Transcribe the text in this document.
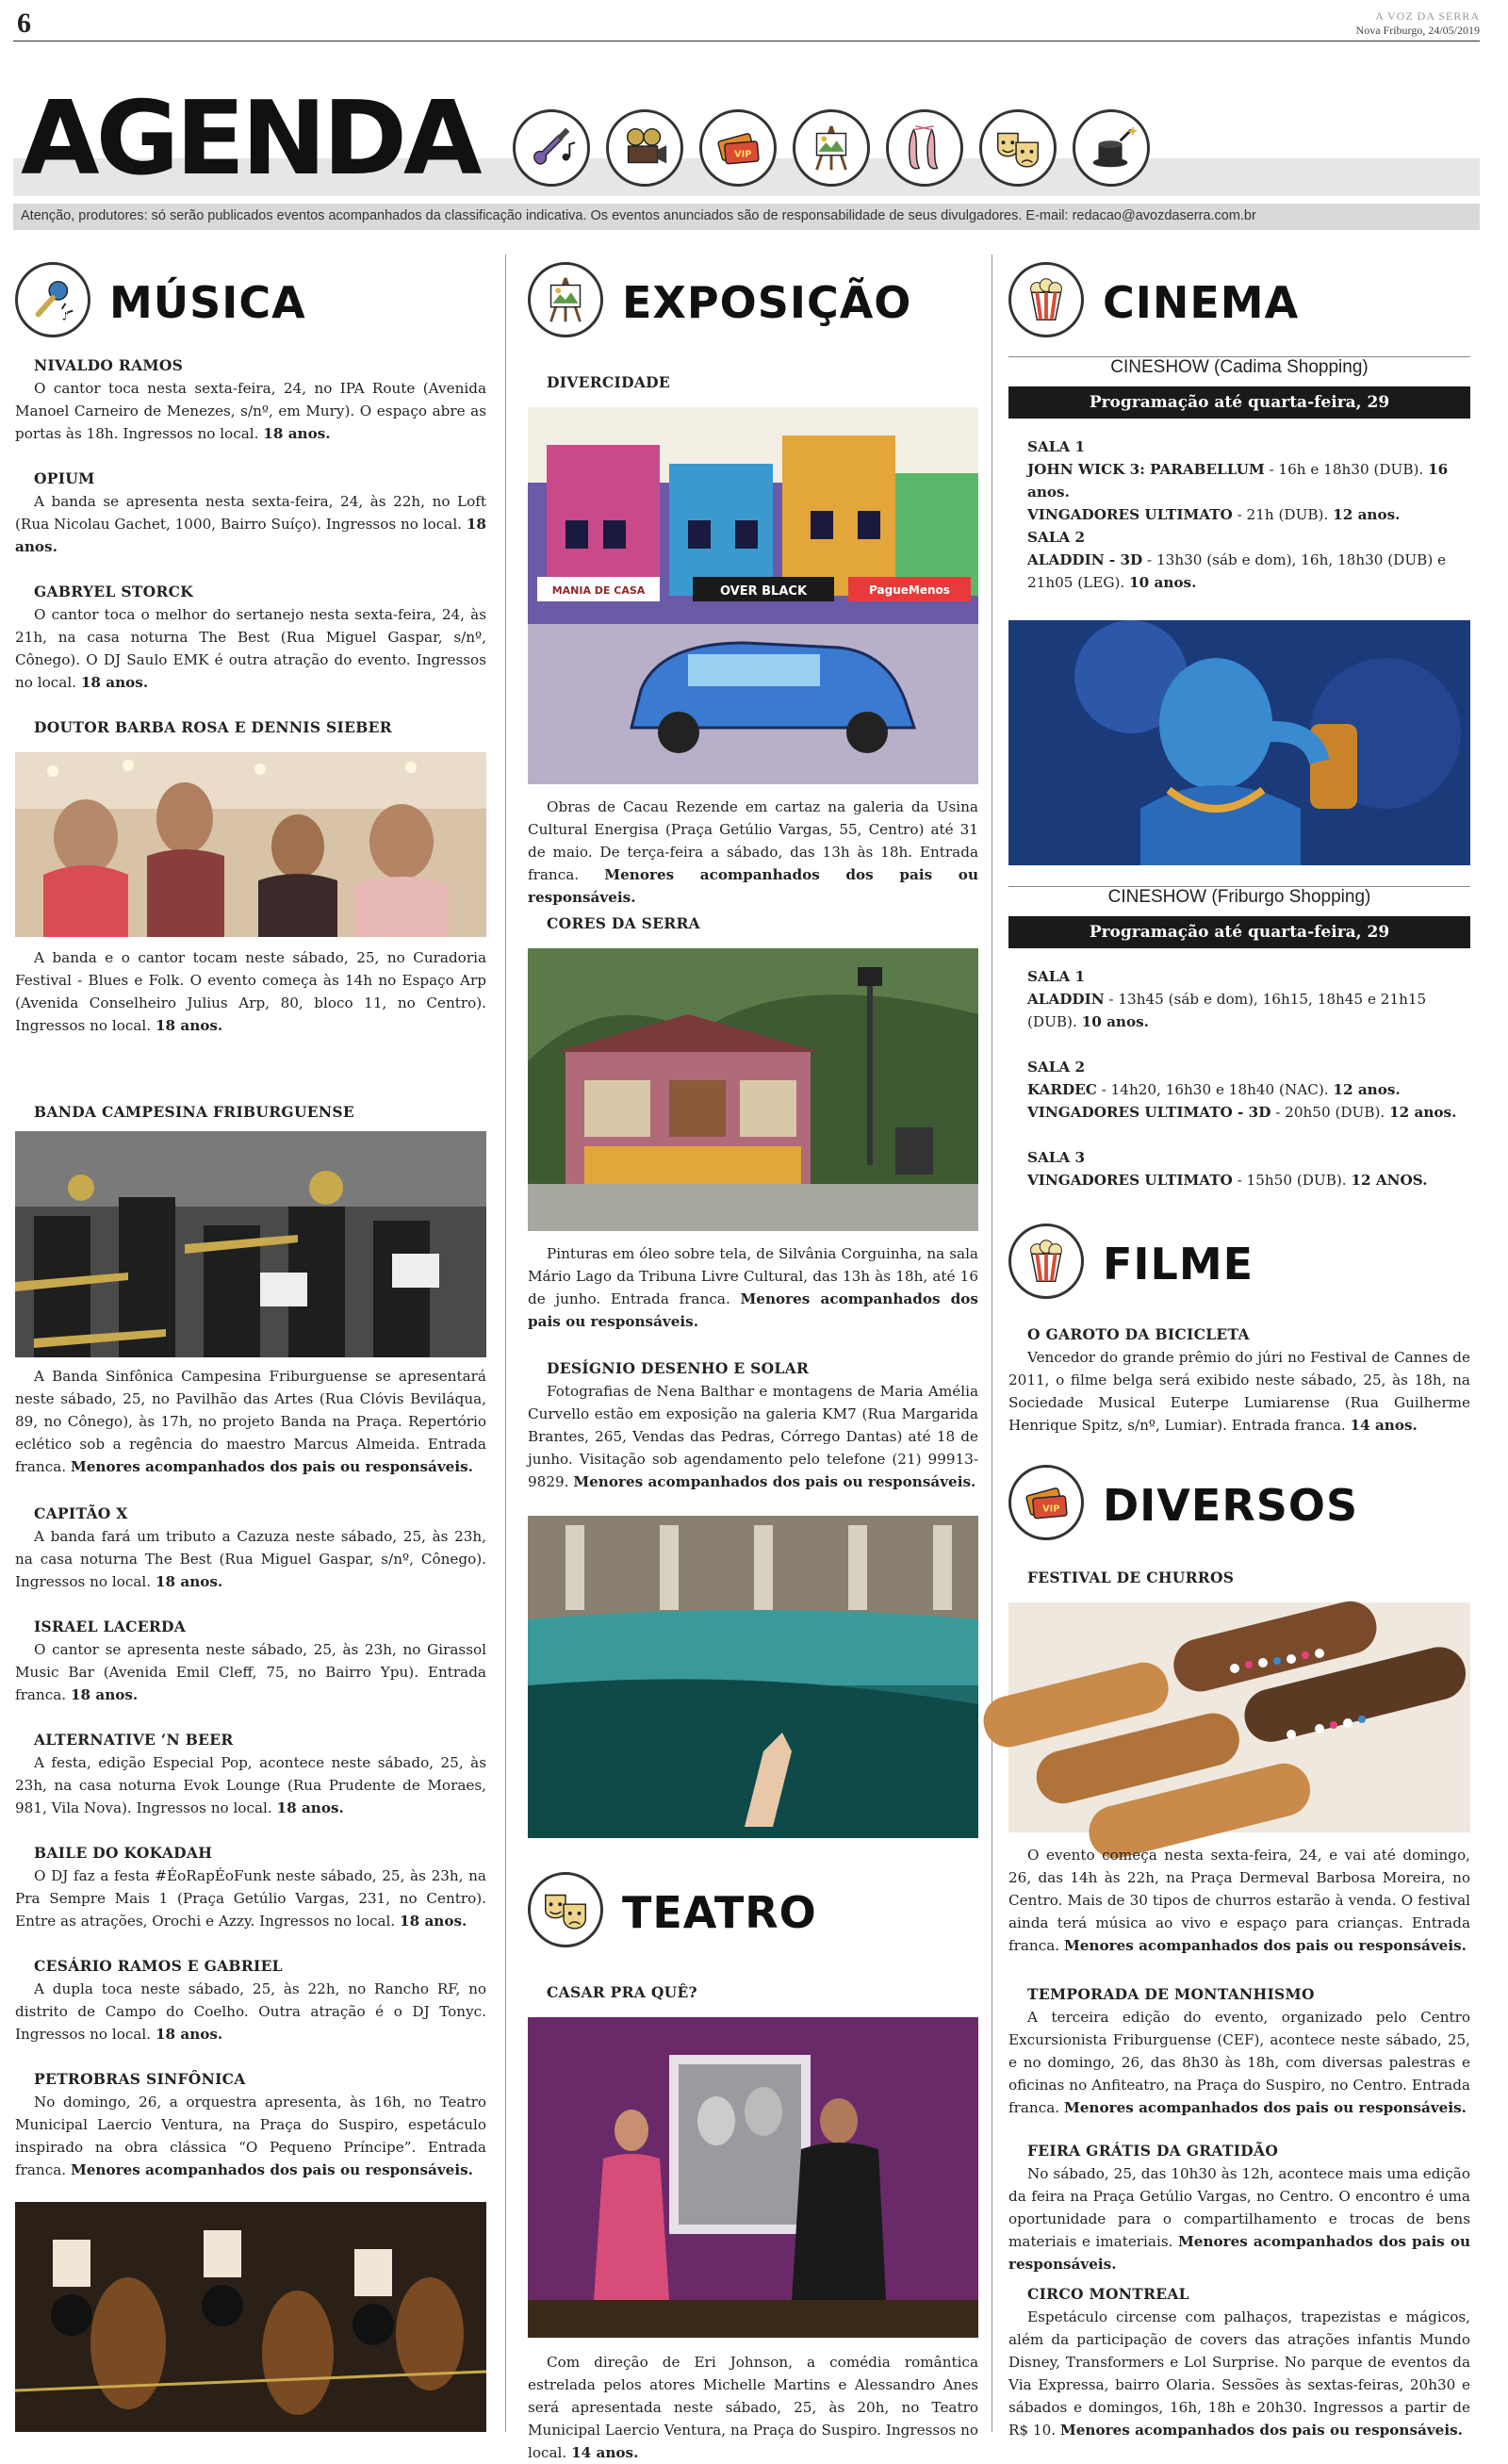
6	A VOZ DA SERRA
Nova Friburgo, 24/05/2019
AGENDA	VIP
Atenção, produtores: só serão publicados eventos acompanhados da classificação indicativa. Os eventos anunciados são de responsabilidade de seus divulgadores. E-mail: redacao@avozdaserra.com.br
♪ MÚSICA
NIVALDO RAMOS
O cantor toca nesta sexta-feira, 24, no IPA Route (Avenida Manoel Carneiro de Menezes, s/nº, em Mury). O espaço abre as portas às 18h. Ingressos no local. 18 anos.
OPIUM
A banda se apresenta nesta sexta-feira, 24, às 22h, no Loft (Rua Nicolau Gachet, 1000, Bairro Suíço). Ingressos no local. 18 anos.
GABRYEL STORCK
O cantor toca o melhor do sertanejo nesta sexta-feira, 24, às 21h, na casa noturna The Best (Rua Miguel Gaspar, s/nº, Cônego). O DJ Saulo EMK é outra atração do evento. Ingressos no local. 18 anos.
DOUTOR BARBA ROSA E DENNIS SIEBER
A banda e o cantor tocam neste sábado, 25, no Curadoria Festival - Blues e Folk. O evento começa às 14h no Espaço Arp (Avenida Conselheiro Julius Arp, 80, bloco 11, no Centro). Ingressos no local. 18 anos.
BANDA CAMPESINA FRIBURGUENSE
A Banda Sinfônica Campesina Friburguense se apresentará neste sábado, 25, no Pavilhão das Artes (Rua Clóvis Beviláqua, 89, no Cônego), às 17h, no projeto Banda na Praça. Repertório eclético sob a regência do maestro Marcus Almeida. Entrada franca. Menores acompanhados dos pais ou responsáveis.
CAPITÃO X
A banda fará um tributo a Cazuza neste sábado, 25, às 23h, na casa noturna The Best (Rua Miguel Gaspar, s/nº, Cônego). Ingressos no local. 18 anos.
ISRAEL LACERDA
O cantor se apresenta neste sábado, 25, às 23h, no Girassol Music Bar (Avenida Emil Cleff, 75, no Bairro Ypu). Entrada franca. 18 anos.
ALTERNATIVE ‘N BEER
A festa, edição Especial Pop, acontece neste sábado, 25, às 23h, na casa noturna Evok Lounge (Rua Prudente de Moraes, 981, Vila Nova). Ingressos no local. 18 anos.
BAILE DO KOKADAH
O DJ faz a festa #ÉoRapÉoFunk neste sábado, 25, às 23h, na Pra Sempre Mais 1 (Praça Getúlio Vargas, 231, no Centro). Entre as atrações, Orochi e Azzy. Ingressos no local. 18 anos.
CESÁRIO RAMOS E GABRIEL
A dupla toca neste sábado, 25, às 22h, no Rancho RF, no distrito de Campo do Coelho. Outra atração é o DJ Tonyc. Ingressos no local. 18 anos.
PETROBRAS SINFÔNICA
No domingo, 26, a orquestra apresenta, às 16h, no Teatro Municipal Laercio Ventura, na Praça do Suspiro, espetáculo inspirado na obra clássica “O Pequeno Príncipe”. Entrada franca. Menores acompanhados dos pais ou responsáveis.
EXPOSIÇÃO
DIVERCIDADE
MANIA DE CASA	OVER BLACK	PagueMenos
Obras de Cacau Rezende em cartaz na galeria da Usina Cultural Energisa (Praça Getúlio Vargas, 55, Centro) até 31 de maio. De terça-feira a sábado, das 13h às 18h. Entrada franca. Menores acompanhados dos pais ou responsáveis.
CORES DA SERRA
Pinturas em óleo sobre tela, de Silvânia Corguinha, na sala Mário Lago da Tribuna Livre Cultural, das 13h às 18h, até 16 de junho. Entrada franca. Menores acompanhados dos pais ou responsáveis.
DESÍGNIO DESENHO E SOLAR
Fotografias de Nena Balthar e montagens de Maria Amélia Curvello estão em exposição na galeria KM7 (Rua Margarida Brantes, 265, Vendas das Pedras, Córrego Dantas) até 18 de junho. Visitação sob agendamento pelo telefone (21) 99913-9829. Menores acompanhados dos pais ou responsáveis.
TEATRO
CASAR PRA QUÊ?
Com direção de Eri Johnson, a comédia romântica estrelada pelos atores Michelle Martins e Alessandro Anes será apresentada neste sábado, 25, às 20h, no Teatro Municipal Laercio Ventura, na Praça do Suspiro. Ingressos no local. 14 anos.
CINEMA
CINESHOW (Cadima Shopping)
Programação até quarta-feira, 29
SALA 1
JOHN WICK 3: PARABELLUM - 16h e 18h30 (DUB). 16 anos.
VINGADORES ULTIMATO - 21h (DUB). 12 anos.
SALA 2
ALADDIN - 3D - 13h30 (sáb e dom), 16h, 18h30 (DUB) e 21h05 (LEG). 10 anos.
CINESHOW (Friburgo Shopping)
Programação até quarta-feira, 29
SALA 1
ALADDIN - 13h45 (sáb e dom), 16h15, 18h45 e 21h15 (DUB). 10 anos.
SALA 2
KARDEC - 14h20, 16h30 e 18h40 (NAC). 12 anos.
VINGADORES ULTIMATO - 3D - 20h50 (DUB). 12 anos.
SALA 3
VINGADORES ULTIMATO - 15h50 (DUB). 12 ANOS.
FILME
O GAROTO DA BICICLETA
Vencedor do grande prêmio do júri no Festival de Cannes de 2011, o filme belga será exibido neste sábado, 25, às 18h, na Sociedade Musical Euterpe Lumiarense (Rua Guilherme Henrique Spitz, s/nº, Lumiar). Entrada franca. 14 anos.
VIP DIVERSOS
FESTIVAL DE CHURROS
O evento começa nesta sexta-feira, 24, e vai até domingo, 26, das 14h às 22h, na Praça Dermeval Barbosa Moreira, no Centro. Mais de 30 tipos de churros estarão à venda. O festival ainda terá música ao vivo e espaço para crianças. Entrada franca. Menores acompanhados dos pais ou responsáveis.
TEMPORADA DE MONTANHISMO
A terceira edição do evento, organizado pelo Centro Excursionista Friburguense (CEF), acontece neste sábado, 25, e no domingo, 26, das 8h30 às 18h, com diversas palestras e oficinas no Anfiteatro, na Praça do Suspiro, no Centro. Entrada franca. Menores acompanhados dos pais ou responsáveis.
FEIRA GRÁTIS DA GRATIDÃO
No sábado, 25, das 10h30 às 12h, acontece mais uma edição da feira na Praça Getúlio Vargas, no Centro. O encontro é uma oportunidade para o compartilhamento e trocas de bens materiais e imateriais. Menores acompanhados dos pais ou responsáveis.
CIRCO MONTREAL
Espetáculo circense com palhaços, trapezistas e mágicos, além da participação de covers das atrações infantis Mundo Disney, Transformers e Lol Surprise. No parque de eventos da Via Expressa, bairro Olaria. Sessões às sextas-feiras, 20h30 e sábados e domingos, 16h, 18h e 20h30. Ingressos a partir de R$ 10. Menores acompanhados dos pais ou responsáveis.
